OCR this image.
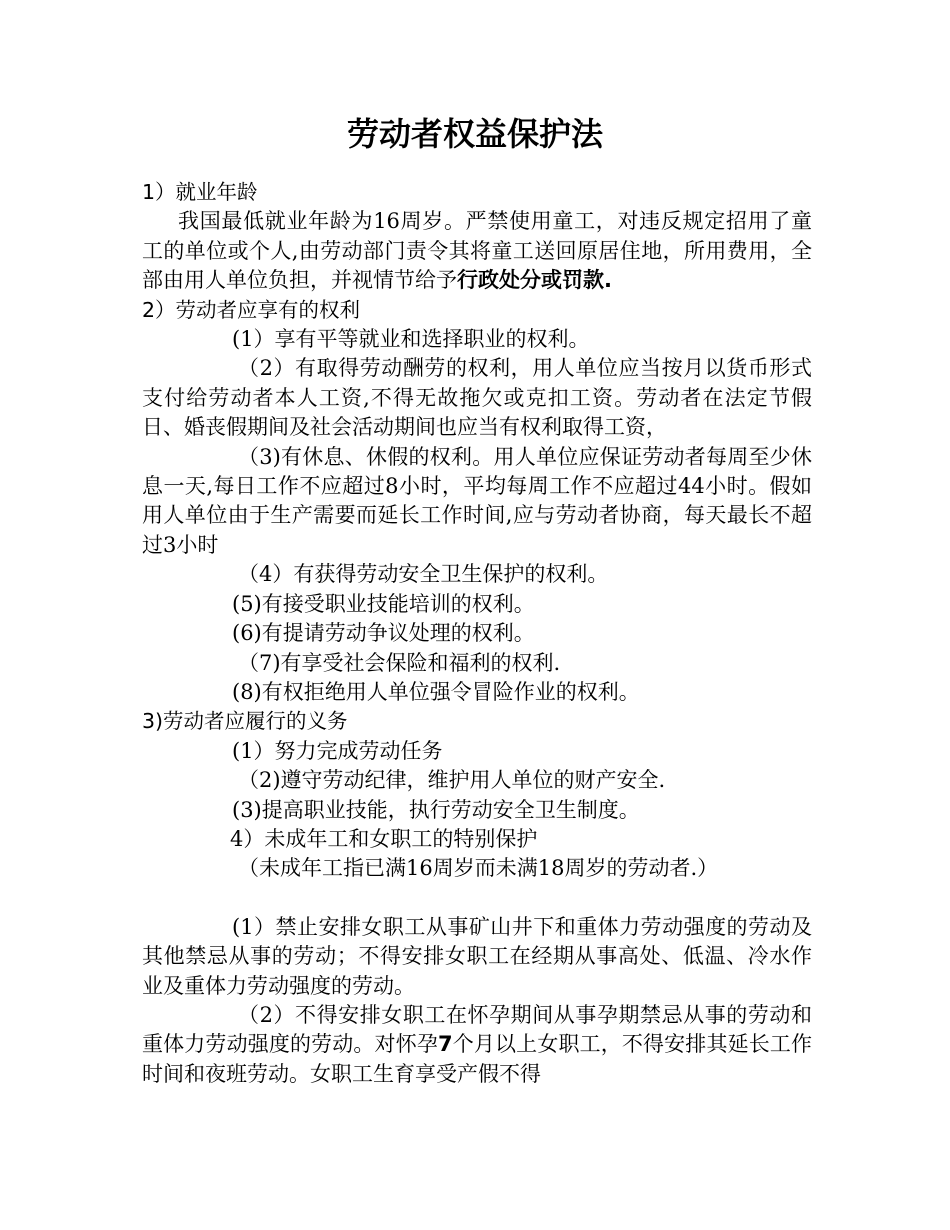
劳动者权益保护法

1）就业年龄

我国最低就业年龄为16周岁。严禁使用童工，对违反规定招用了童工的单位或个人,由劳动部门责令其将童工送回原居住地，所用费用，全部由用人单位负担，并视情节给予行政处分或罚款.

2）劳动者应享有的权利

(1）享有平等就业和选择职业的权利。

（2）有取得劳动酬劳的权利，用人单位应当按月以货币形式支付给劳动者本人工资,不得无故拖欠或克扣工资。劳动者在法定节假日、婚丧假期间及社会活动期间也应当有权利取得工资，

（3)有休息、休假的权利。用人单位应保证劳动者每周至少休息一天,每日工作不应超过8小时，平均每周工作不应超过44小时。假如用人单位由于生产需要而延长工作时间,应与劳动者协商，每天最长不超过3小时

（4）有获得劳动安全卫生保护的权利。

(5)有接受职业技能培训的权利。

(6)有提请劳动争议处理的权利。

（7)有享受社会保险和福利的权利.

(8)有权拒绝用人单位强令冒险作业的权利。

3)劳动者应履行的义务

(1）努力完成劳动任务

（2)遵守劳动纪律，维护用人单位的财产安全.

(3)提高职业技能，执行劳动安全卫生制度。

4）未成年工和女职工的特别保护

（未成年工指已满16周岁而未满18周岁的劳动者.）

(1）禁止安排女职工从事矿山井下和重体力劳动强度的劳动及其他禁忌从事的劳动；不得安排女职工在经期从事高处、低温、冷水作业及重体力劳动强度的劳动。

（2）不得安排女职工在怀孕期间从事孕期禁忌从事的劳动和重体力劳动强度的劳动。对怀孕7个月以上女职工，不得安排其延长工作时间和夜班劳动。女职工生育享受产假不得
